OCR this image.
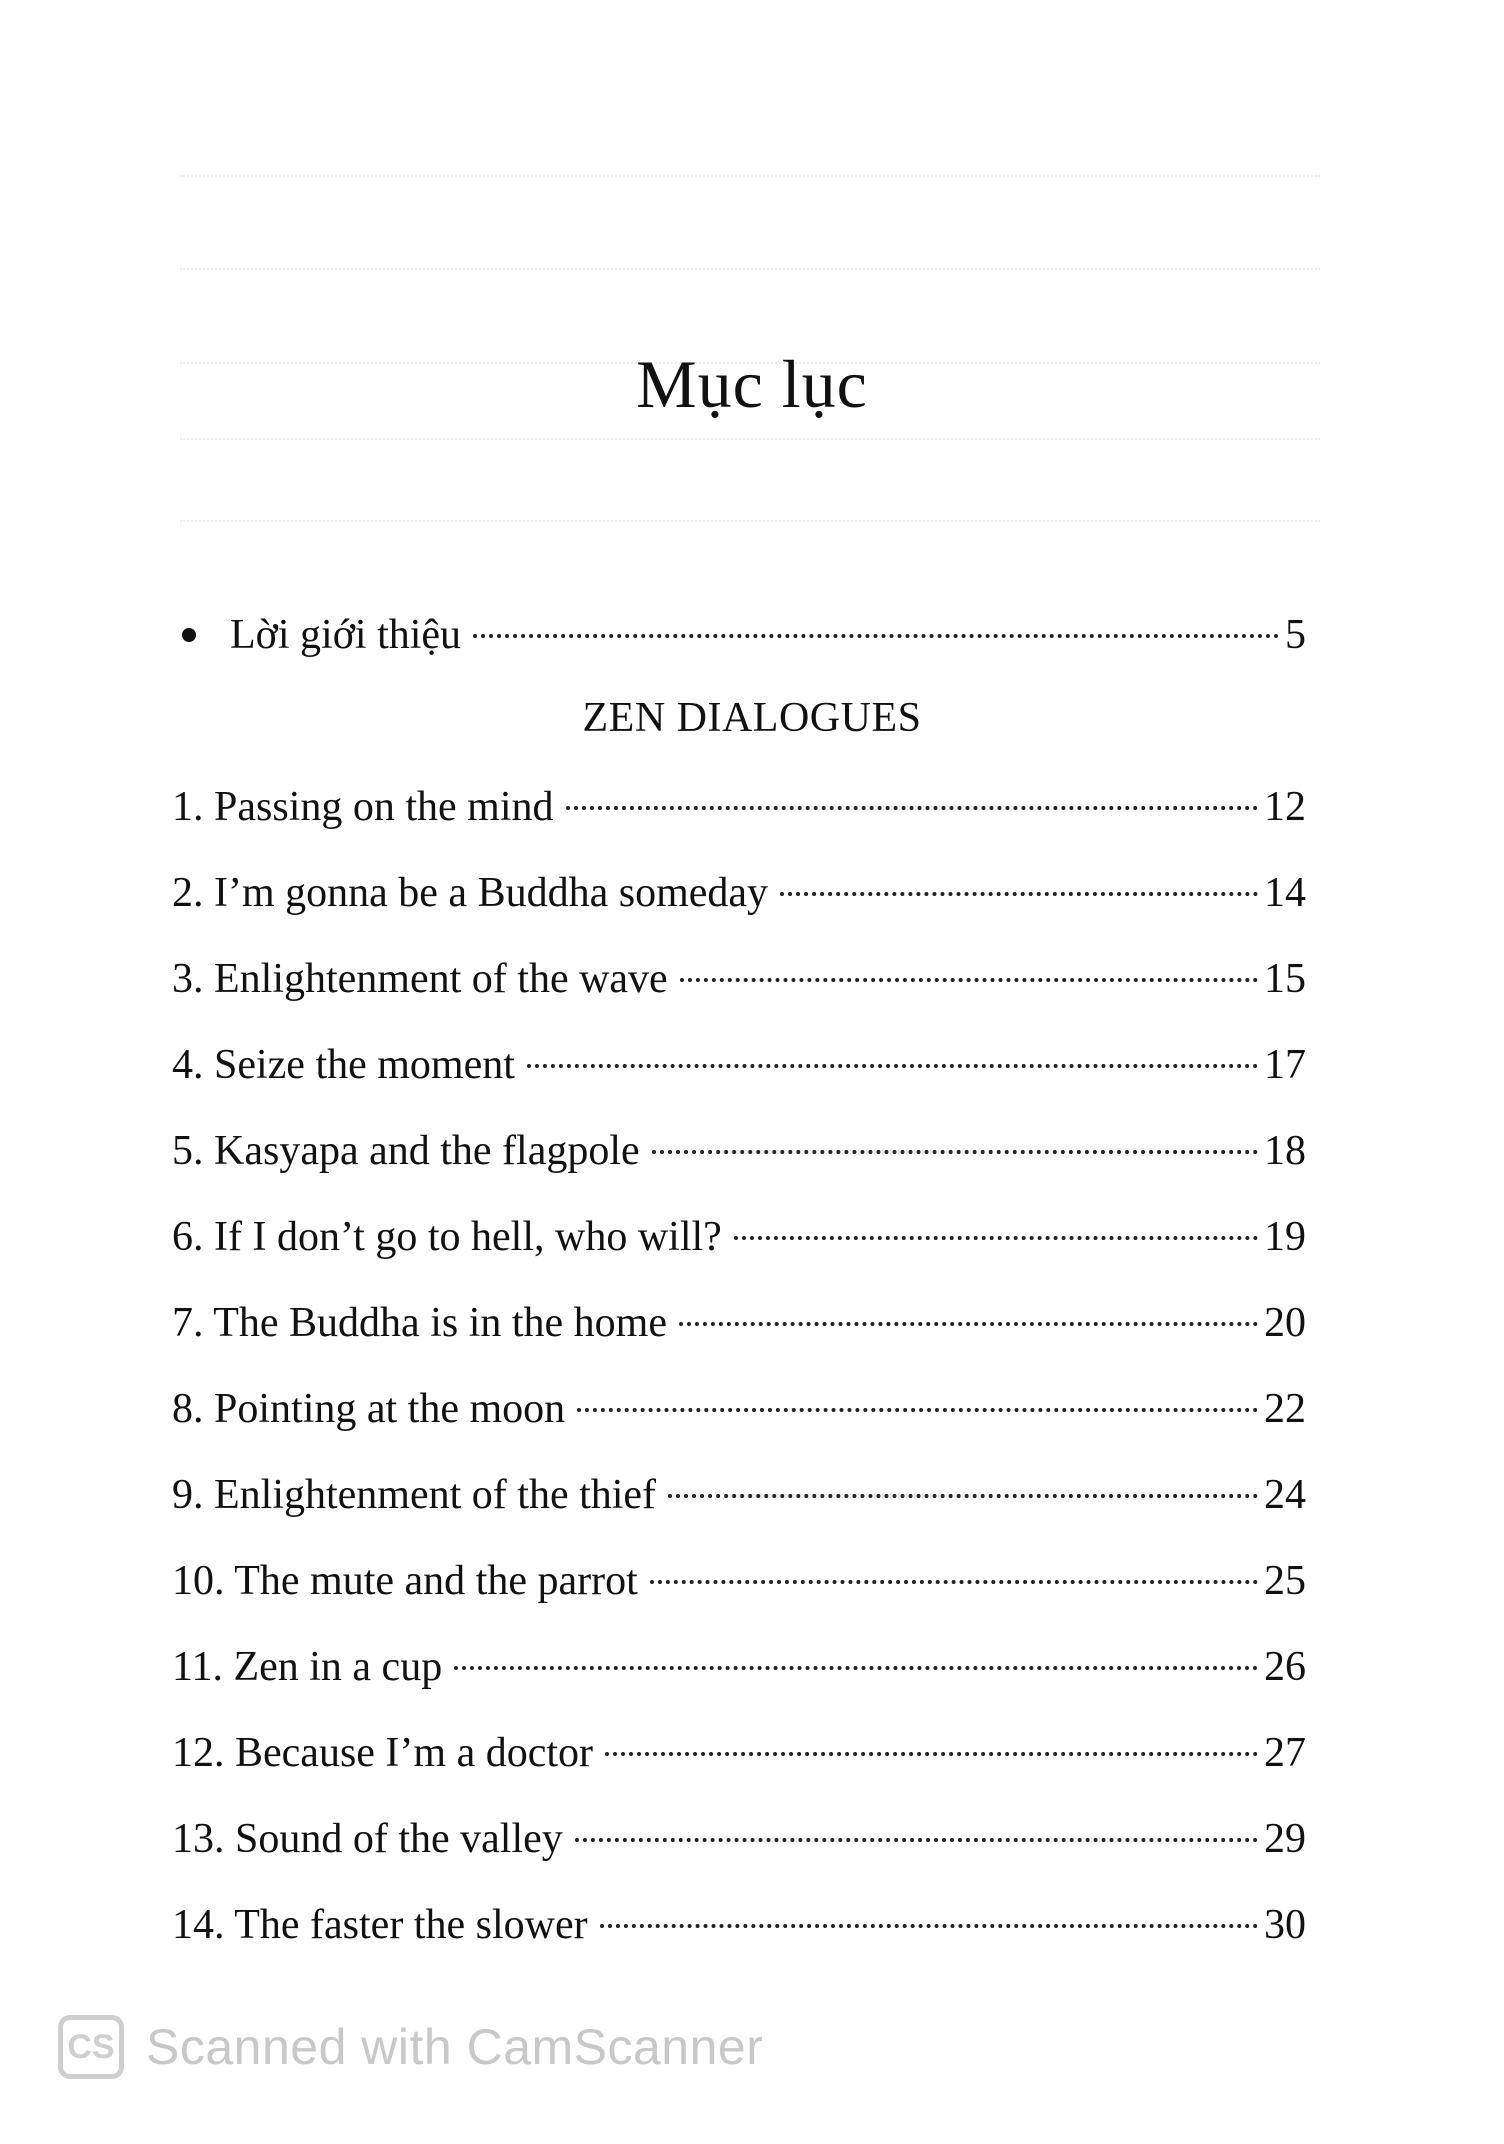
Mục lục
Lời giới thiệu	5
ZEN DIALOGUES
1. Passing on the mind	12
2. I’m gonna be a Buddha someday	14
3. Enlightenment of the wave	15
4. Seize the moment	17
5. Kasyapa and the flagpole	18
6. If I don’t go to hell, who will?	19
7. The Buddha is in the home	20
8. Pointing at the moon	22
9. Enlightenment of the thief	24
10. The mute and the parrot	25
11. Zen in a cup	26
12. Because I’m a doctor	27
13. Sound of the valley	29
14. The faster the slower	30
CS Scanned with CamScanner
